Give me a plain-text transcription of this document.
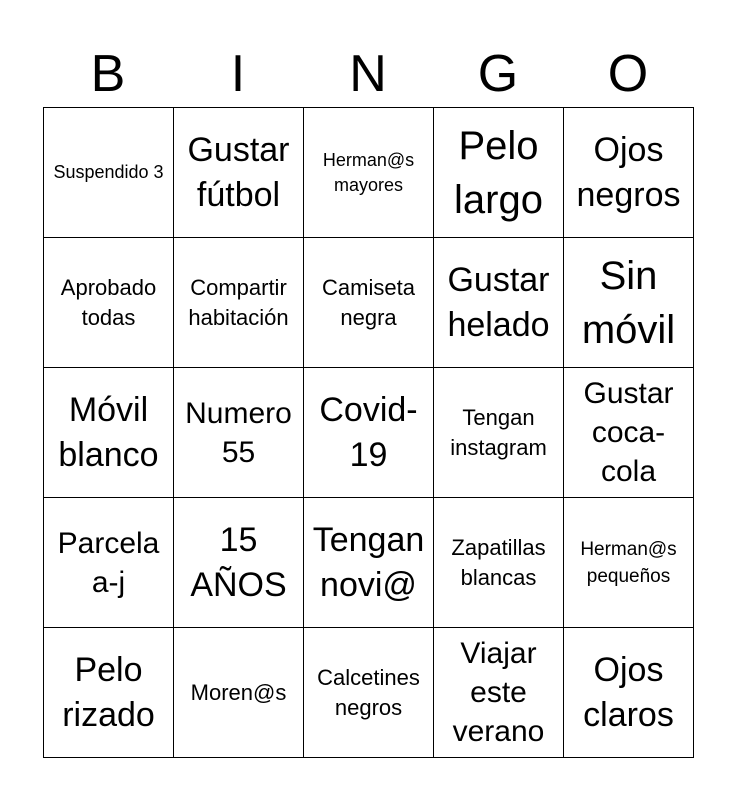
B	I	N	G	O
Suspendido 3	Gustar fútbol	Herman@s mayores	Pelo largo	Ojos negros
Aprobado todas	Compartir habitación	Camiseta negra	Gustar helado	Sin móvil
Móvil blanco	Numero 55	Covid-19	Tengan instagram	Gustar coca-cola
Parcela a-j	15 AÑOS	Tengan novi@	Zapatillas blancas	Herman@s pequeños
Pelo rizado	Moren@s	Calcetines negros	Viajar este verano	Ojos claros
